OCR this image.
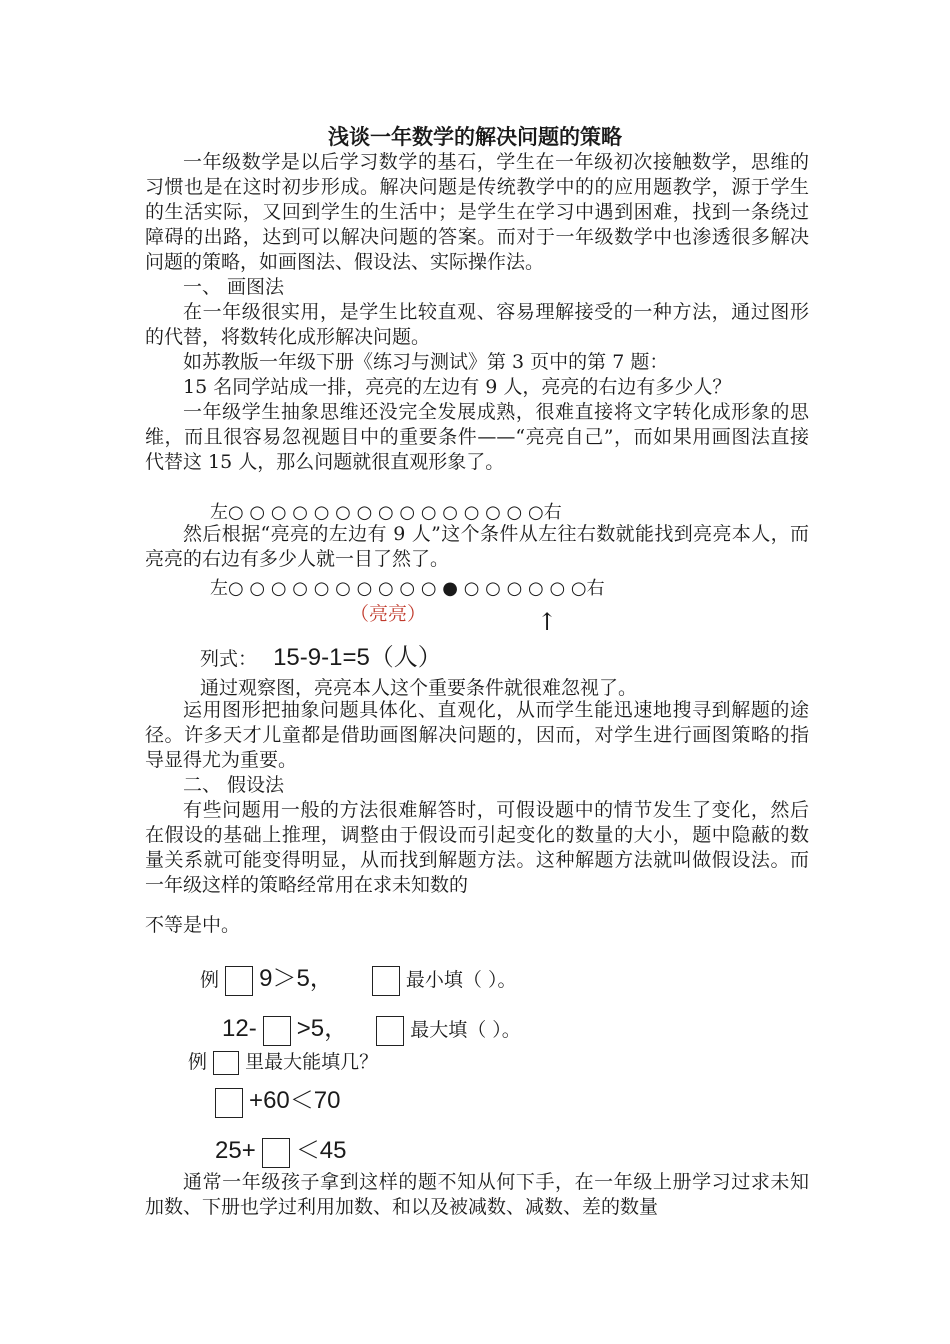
浅谈一年数学的解决问题的策略

一年级数学是以后学习数学的基石，学生在一年级初次接触数学，思维的习惯也是在这时初步形成。解决问题是传统教学中的的应用题教学，源于学生的生活实际，又回到学生的生活中；是学生在学习中遇到困难，找到一条绕过障碍的出路，达到可以解决问题的答案。而对于一年级数学中也渗透很多解决问题的策略，如画图法、假设法、实际操作法。

一、 画图法

在一年级很实用，是学生比较直观、容易理解接受的一种方法，通过图形的代替，将数转化成形解决问题。

如苏教版一年级下册《练习与测试》第 3 页中的第 7 题：

15 名同学站成一排，亮亮的左边有 9 人，亮亮的右边有多少人？

一年级学生抽象思维还没完全发展成熟，很难直接将文字转化成形象的思维，而且很容易忽视题目中的重要条件——“亮亮自己”，而如果用画图法直接代替这 15 人，那么问题就很直观形象了。

左○ ○ ○ ○ ○ ○ ○ ○ ○ ○ ○ ○ ○ ○ ○右

然后根据“亮亮的左边有 9 人”这个条件从左往右数就能找到亮亮本人，而亮亮的右边有多少人就一目了然了。

左○ ○ ○ ○ ○ ○ ○ ○ ○ ○ ● ○ ○ ○ ○ ○ ○右
（亮亮）	↑
列式： 15-9-1=5（人）
通过观察图，亮亮本人这个重要条件就很难忽视了。

运用图形把抽象问题具体化、直观化，从而学生能迅速地搜寻到解题的途径。许多天才儿童都是借助画图解决问题的，因而，对学生进行画图策略的指导显得尤为重要。

二、 假设法

有些问题用一般的方法很难解答时，可假设题中的情节发生了变化，然后在假设的基础上推理，调整由于假设而引起变化的数量的大小，题中隐蔽的数量关系就可能变得明显，从而找到解题方法。这种解题方法就叫做假设法。而一年级这样的策略经常用在求未知数的

不等是中。
例 9＞5，	最小填（ ）。
12- >5，	最大填（ ）。
例 里最大能填几？
+60＜70
25+ ＜45

通常一年级孩子拿到这样的题不知从何下手，在一年级上册学习过求未知加数、下册也学过利用加数、和以及被减数、减数、差的数量
